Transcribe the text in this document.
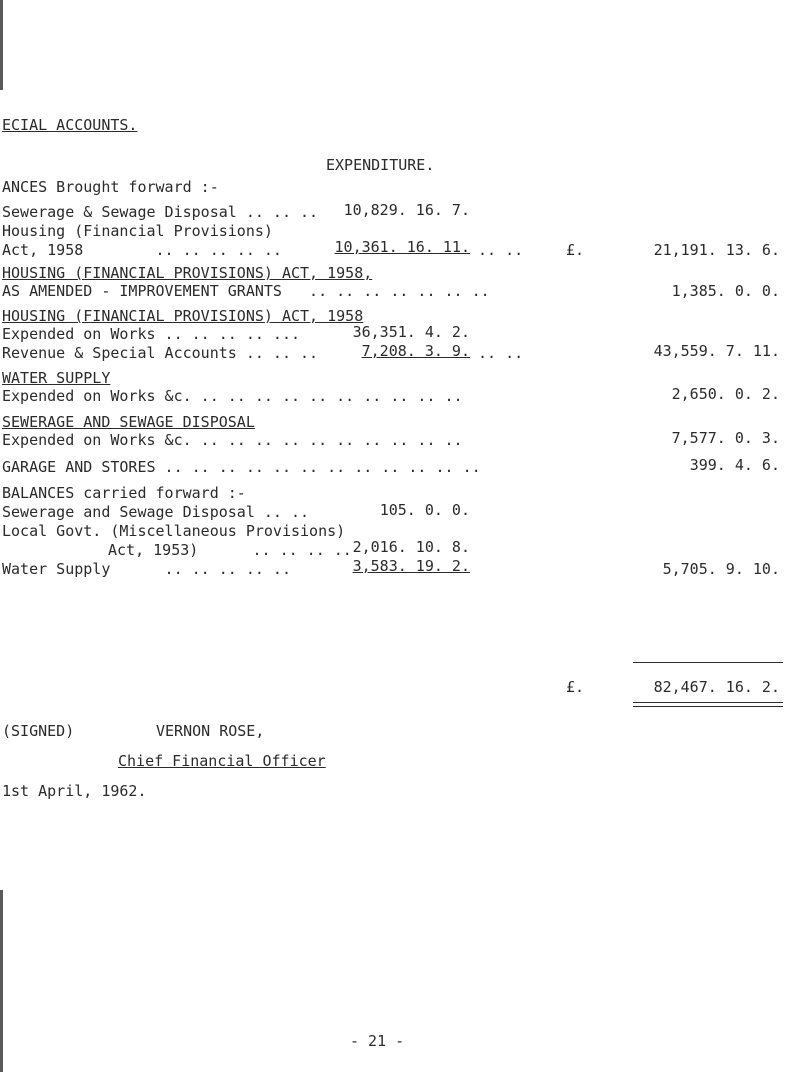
ECIAL ACCOUNTS.
EXPENDITURE.
ANCES Brought forward :-
Sewerage & Sewage Disposal .. .. ..	10,829. 16. 7.
Housing (Financial Provisions)
Act, 1958        .. .. .. .. ..	10,361. 16. 11. .. ..	£.	21,191. 13. 6.
HOUSING (FINANCIAL PROVISIONS) ACT, 1958,
AS AMENDED - IMPROVEMENT GRANTS   .. .. .. .. .. .. ..	1,385. 0. 0.
HOUSING (FINANCIAL PROVISIONS) ACT, 1958
Expended on Works .. .. .. .. ...	36,351. 4. 2.
Revenue & Special Accounts .. .. ..	7,208. 3. 9. .. ..	43,559. 7. 11.
WATER SUPPLY
Expended on Works &c. .. .. .. .. .. .. .. .. .. ..	2,650. 0. 2.
SEWERAGE AND SEWAGE DISPOSAL
Expended on Works &c. .. .. .. .. .. .. .. .. .. ..	7,577. 0. 3.
GARAGE AND STORES .. .. .. .. .. .. .. .. .. .. .. ..	399. 4. 6.
BALANCES carried forward :-
Sewerage and Sewage Disposal .. ..	105. 0. 0.
Local Govt. (Miscellaneous Provisions)
Act, 1953)      .. .. .. .. 2,016. 10. 8.
Water Supply      .. .. .. .. ..	3,583. 19. 2.	5,705. 9. 10.
£.	82,467. 16. 2.
(SIGNED)	VERNON ROSE,
Chief Financial Officer
1st April, 1962.
- 21 -
